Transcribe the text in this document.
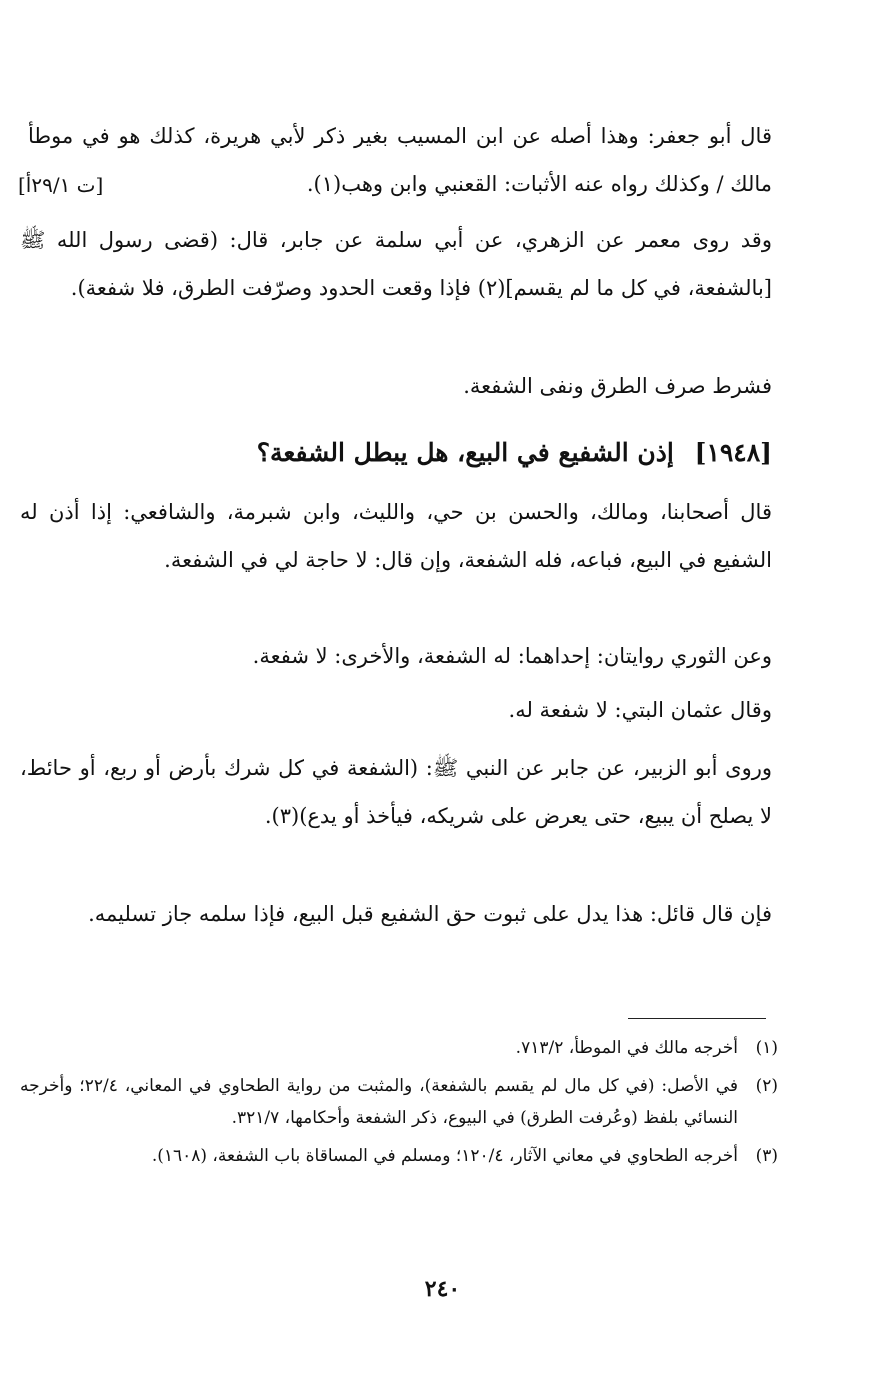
[ت ٢٩/١أ]

قال أبو جعفر: وهذا أصله عن ابن المسيب بغير ذكر لأبي هريرة، كذلك هو في موطأ مالك / وكذلك رواه عنه الأثبات: القعنبي وابن وهب(١).

وقد روى معمر عن الزهري، عن أبي سلمة عن جابر، قال: (قضى رسول الله ﷺ [بالشفعة، في كل ما لم يقسم](٢) فإذا وقعت الحدود وصرّفت الطرق، فلا شفعة).

فشرط صرف الطرق ونفى الشفعة.

[١٩٤٨] إذن الشفيع في البيع، هل يبطل الشفعة؟

قال أصحابنا، ومالك، والحسن بن حي، والليث، وابن شبرمة، والشافعي: إذا أذن له الشفيع في البيع، فباعه، فله الشفعة، وإن قال: لا حاجة لي في الشفعة.

وعن الثوري روايتان: إحداهما: له الشفعة، والأخرى: لا شفعة.

وقال عثمان البتي: لا شفعة له.

وروى أبو الزبير، عن جابر عن النبي ﷺ: (الشفعة في كل شرك بأرض أو ربع، أو حائط، لا يصلح أن يبيع، حتى يعرض على شريكه، فيأخذ أو يدع)(٣).

فإن قال قائل: هذا يدل على ثبوت حق الشفيع قبل البيع، فإذا سلمه جاز تسليمه.

(١)
أخرجه مالك في الموطأ، ٧١٣/٢.
(٢)
في الأصل: (في كل مال لم يقسم بالشفعة)، والمثبت من رواية الطحاوي في المعاني، ٢٢/٤؛ وأخرجه النسائي بلفظ (وعُرفت الطرق) في البيوع، ذكر الشفعة وأحكامها، ٣٢١/٧.
(٣)
أخرجه الطحاوي في معاني الآثار، ١٢٠/٤؛ ومسلم في المساقاة باب الشفعة، (١٦٠٨).
٢٤٠
